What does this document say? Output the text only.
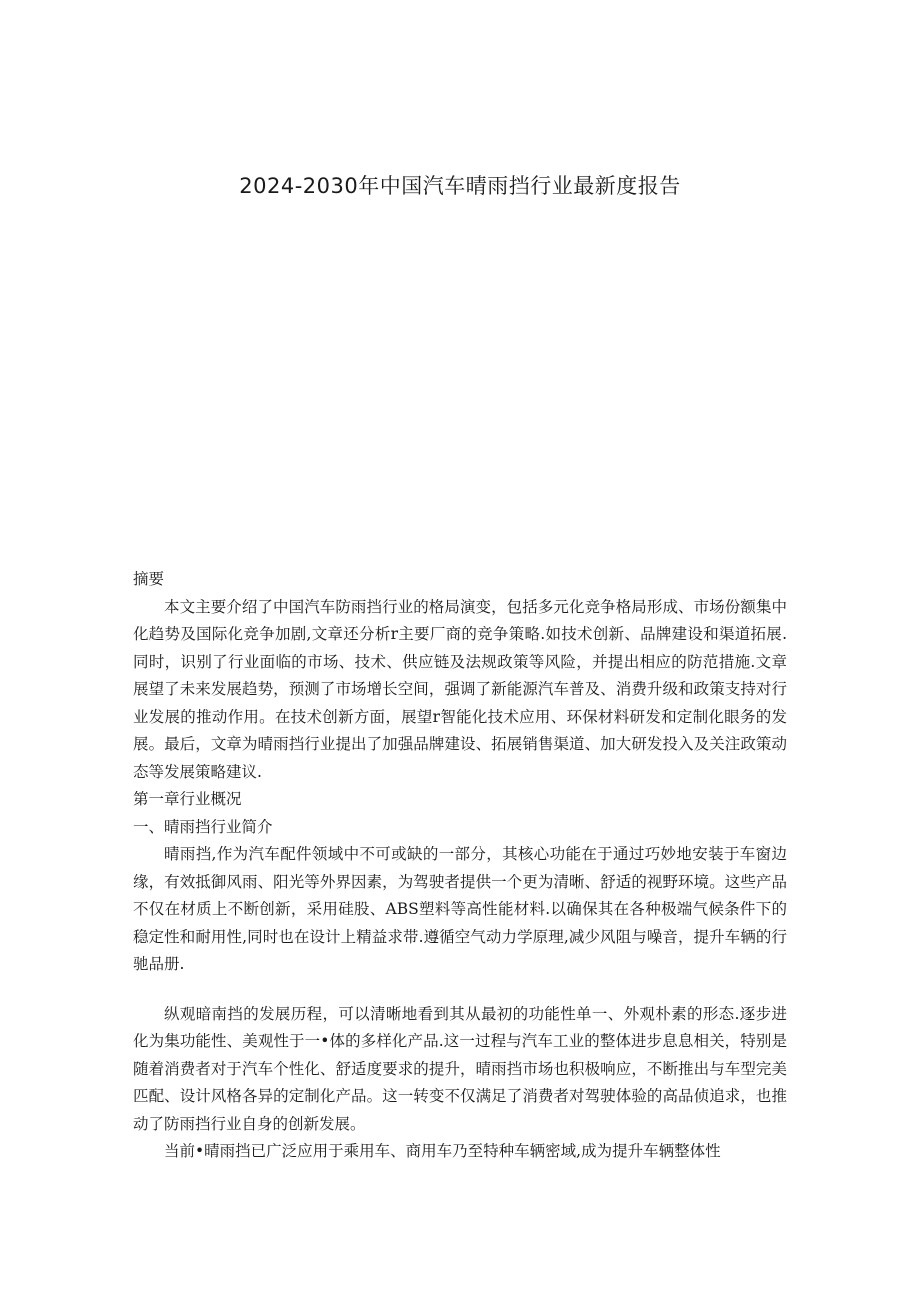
2024-2030年中国汽车晴雨挡行业最新度报告

摘要

本文主要介绍了中国汽车防雨挡行业的格局演变，包括多元化竞争格局形成、市场份额集中化趋势及国际化竞争加剧,文章还分析r主要厂商的竞争策略.如技术创新、品牌建设和渠道拓展.同时，识别了行业面临的市场、技术、供应链及法规政策等风险，并提出相应的防范措施.文章展望了未来发展趋势，预测了市场增长空间，强调了新能源汽车普及、消费升级和政策支持对行业发展的推动作用。在技术创新方面，展望r智能化技术应用、环保材料研发和定制化眼务的发展。最后，文章为晴雨挡行业提出了加强品牌建设、拓展销售渠道、加大研发投入及关注政策动态等发展策略建议.

第一章行业概况

一、晴雨挡行业简介

晴雨挡,作为汽车配件领域中不可或缺的一部分，其核心功能在于通过巧妙地安装于车窗边缘，有效抵御风雨、阳光等外界因素，为驾驶者提供一个更为清晰、舒适的视野环境。这些产品不仅在材质上不断创新，采用硅股、ABS塑料等高性能材料.以确保其在各种极端气候条件下的稳定性和耐用性,同时也在设计上精益求带.遵循空气动力学原理,减少风阻与噪音，提升车辆的行驰品册.

纵观暗南挡的发展历程，可以清晰地看到其从最初的功能性单一、外观朴素的形态.逐步进化为集功能性、美观性于一•体的多样化产品.这一过程与汽车工业的整体进步息息相关，特别是随着消费者对于汽车个性化、舒适度要求的提升，晴雨挡市场也积极响应，不断推出与车型完美匹配、设计风格各异的定制化产品。这一转变不仅满足了消费者对驾驶体验的高品侦追求，也推动了防雨挡行业自身的创新发展。

当前•晴雨挡已广泛应用于乘用车、商用车乃至特种车辆密域,成为提升车辆整体性
